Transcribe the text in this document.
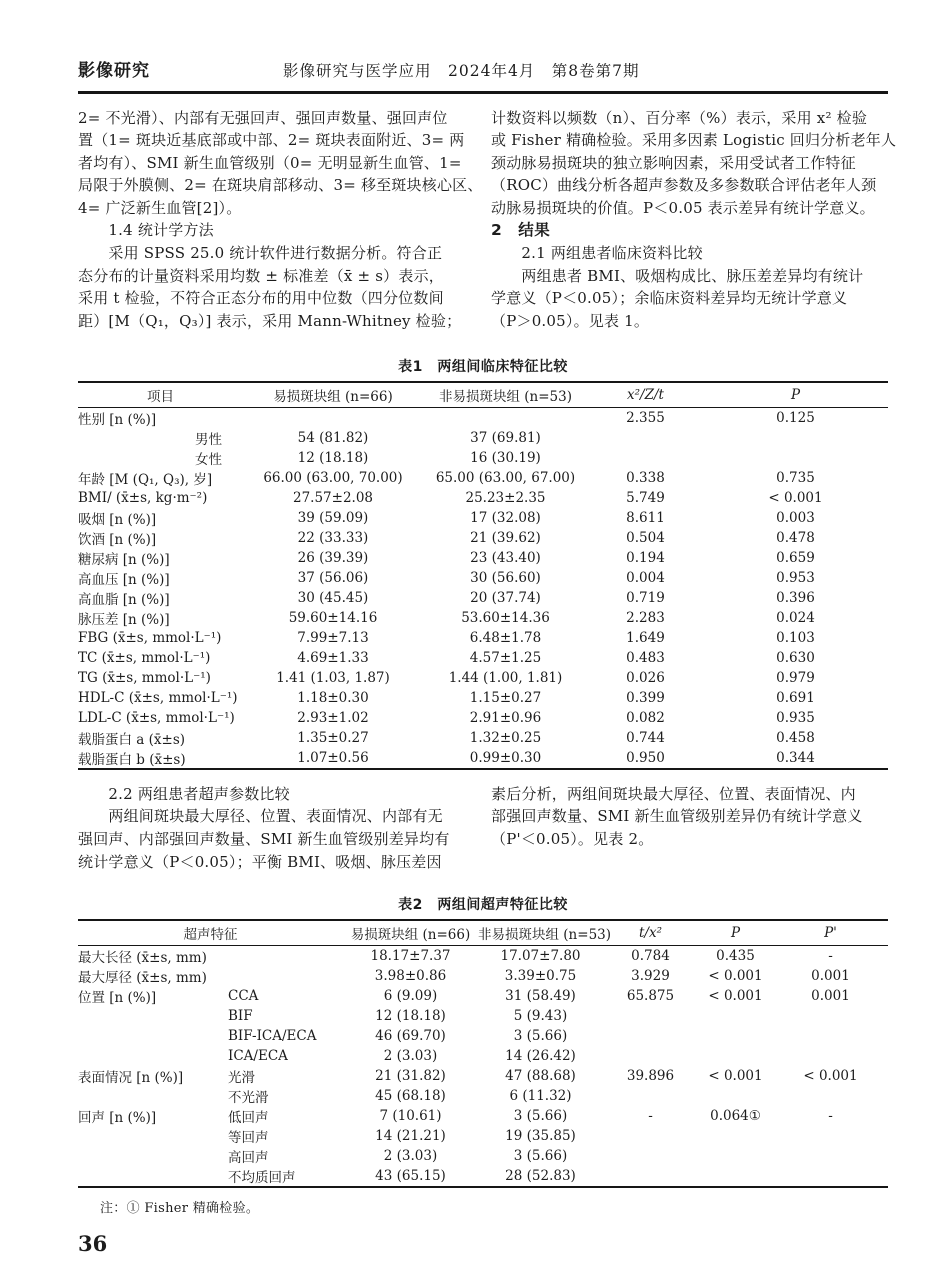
影像研究	影像研究与医学应用　2024年4月　第8卷第7期
2= 不光滑）、内部有无强回声、强回声数量、强回声位
置（1= 斑块近基底部或中部、2= 斑块表面附近、3= 两
者均有）、SMI 新生血管级别（0= 无明显新生血管、1=
局限于外膜侧、2= 在斑块肩部移动、3= 移至斑块核心区、
4= 广泛新生血管[2]）。
　　1.4 统计学方法
　　采用 SPSS 25.0 统计软件进行数据分析。符合正
态分布的计量资料采用均数 ± 标准差（x̄ ± s）表示，
采用 t 检验，不符合正态分布的用中位数（四分位数间
距）[M（Q₁，Q₃）] 表示，采用 Mann-Whitney 检验；
计数资料以频数（n）、百分率（%）表示，采用 x² 检验
或 Fisher 精确检验。采用多因素 Logistic 回归分析老年人
颈动脉易损斑块的独立影响因素，采用受试者工作特征
（ROC）曲线分析各超声参数及多参数联合评估老年人颈
动脉易损斑块的价值。P＜0.05 表示差异有统计学意义。
2　结果
　　2.1 两组患者临床资料比较
　　两组患者 BMI、吸烟构成比、脉压差差异均有统计
学意义（P＜0.05）；余临床资料差异均无统计学意义
（P＞0.05）。见表 1。
表1　两组间临床特征比较
项目	易损斑块组 (n=66)	非易损斑块组 (n=53)	x²/Z/t	P
性别 [n (%)]			2.355	0.125
男性	54 (81.82)	37 (69.81)		
女性	12 (18.18)	16 (30.19)		
年龄 [M (Q₁, Q₃), 岁]	66.00 (63.00, 70.00)	65.00 (63.00, 67.00)	0.338	0.735
BMI/ (x̄±s, kg·m⁻²)	27.57±2.08	25.23±2.35	5.749	< 0.001
吸烟 [n (%)]	39 (59.09)	17 (32.08)	8.611	0.003
饮酒 [n (%)]	22 (33.33)	21 (39.62)	0.504	0.478
糖尿病 [n (%)]	26 (39.39)	23 (43.40)	0.194	0.659
高血压 [n (%)]	37 (56.06)	30 (56.60)	0.004	0.953
高血脂 [n (%)]	30 (45.45)	20 (37.74)	0.719	0.396
脉压差 [n (%)]	59.60±14.16	53.60±14.36	2.283	0.024
FBG (x̄±s, mmol·L⁻¹)	7.99±7.13	6.48±1.78	1.649	0.103
TC (x̄±s, mmol·L⁻¹)	4.69±1.33	4.57±1.25	0.483	0.630
TG (x̄±s, mmol·L⁻¹)	1.41 (1.03, 1.87)	1.44 (1.00, 1.81)	0.026	0.979
HDL-C (x̄±s, mmol·L⁻¹)	1.18±0.30	1.15±0.27	0.399	0.691
LDL-C (x̄±s, mmol·L⁻¹)	2.93±1.02	2.91±0.96	0.082	0.935
载脂蛋白 a (x̄±s)	1.35±0.27	1.32±0.25	0.744	0.458
载脂蛋白 b (x̄±s)	1.07±0.56	0.99±0.30	0.950	0.344
　　2.2 两组患者超声参数比较
　　两组间斑块最大厚径、位置、表面情况、内部有无
强回声、内部强回声数量、SMI 新生血管级别差异均有
统计学意义（P＜0.05）；平衡 BMI、吸烟、脉压差因
素后分析，两组间斑块最大厚径、位置、表面情况、内
部强回声数量、SMI 新生血管级别差异仍有统计学意义
（P'＜0.05）。见表 2。
表2　两组间超声特征比较
超声特征		易损斑块组 (n=66)	非易损斑块组 (n=53)	t/x²	P	P'
最大长径 (x̄±s, mm)		18.17±7.37	17.07±7.80	0.784	0.435	-
最大厚径 (x̄±s, mm)		3.98±0.86	3.39±0.75	3.929	< 0.001	0.001
位置 [n (%)]	CCA	6 (9.09)	31 (58.49)	65.875	< 0.001	0.001
	BIF	12 (18.18)	5 (9.43)			
	BIF-ICA/ECA	46 (69.70)	3 (5.66)			
	ICA/ECA	2 (3.03)	14 (26.42)			
表面情况 [n (%)]	光滑	21 (31.82)	47 (88.68)	39.896	< 0.001	< 0.001
	不光滑	45 (68.18)	6 (11.32)			
回声 [n (%)]	低回声	7 (10.61)	3 (5.66)	-	0.064①	-
	等回声	14 (21.21)	19 (35.85)			
	高回声	2 (3.03)	3 (5.66)			
	不均质回声	43 (65.15)	28 (52.83)			
注：① Fisher 精确检验。
36
